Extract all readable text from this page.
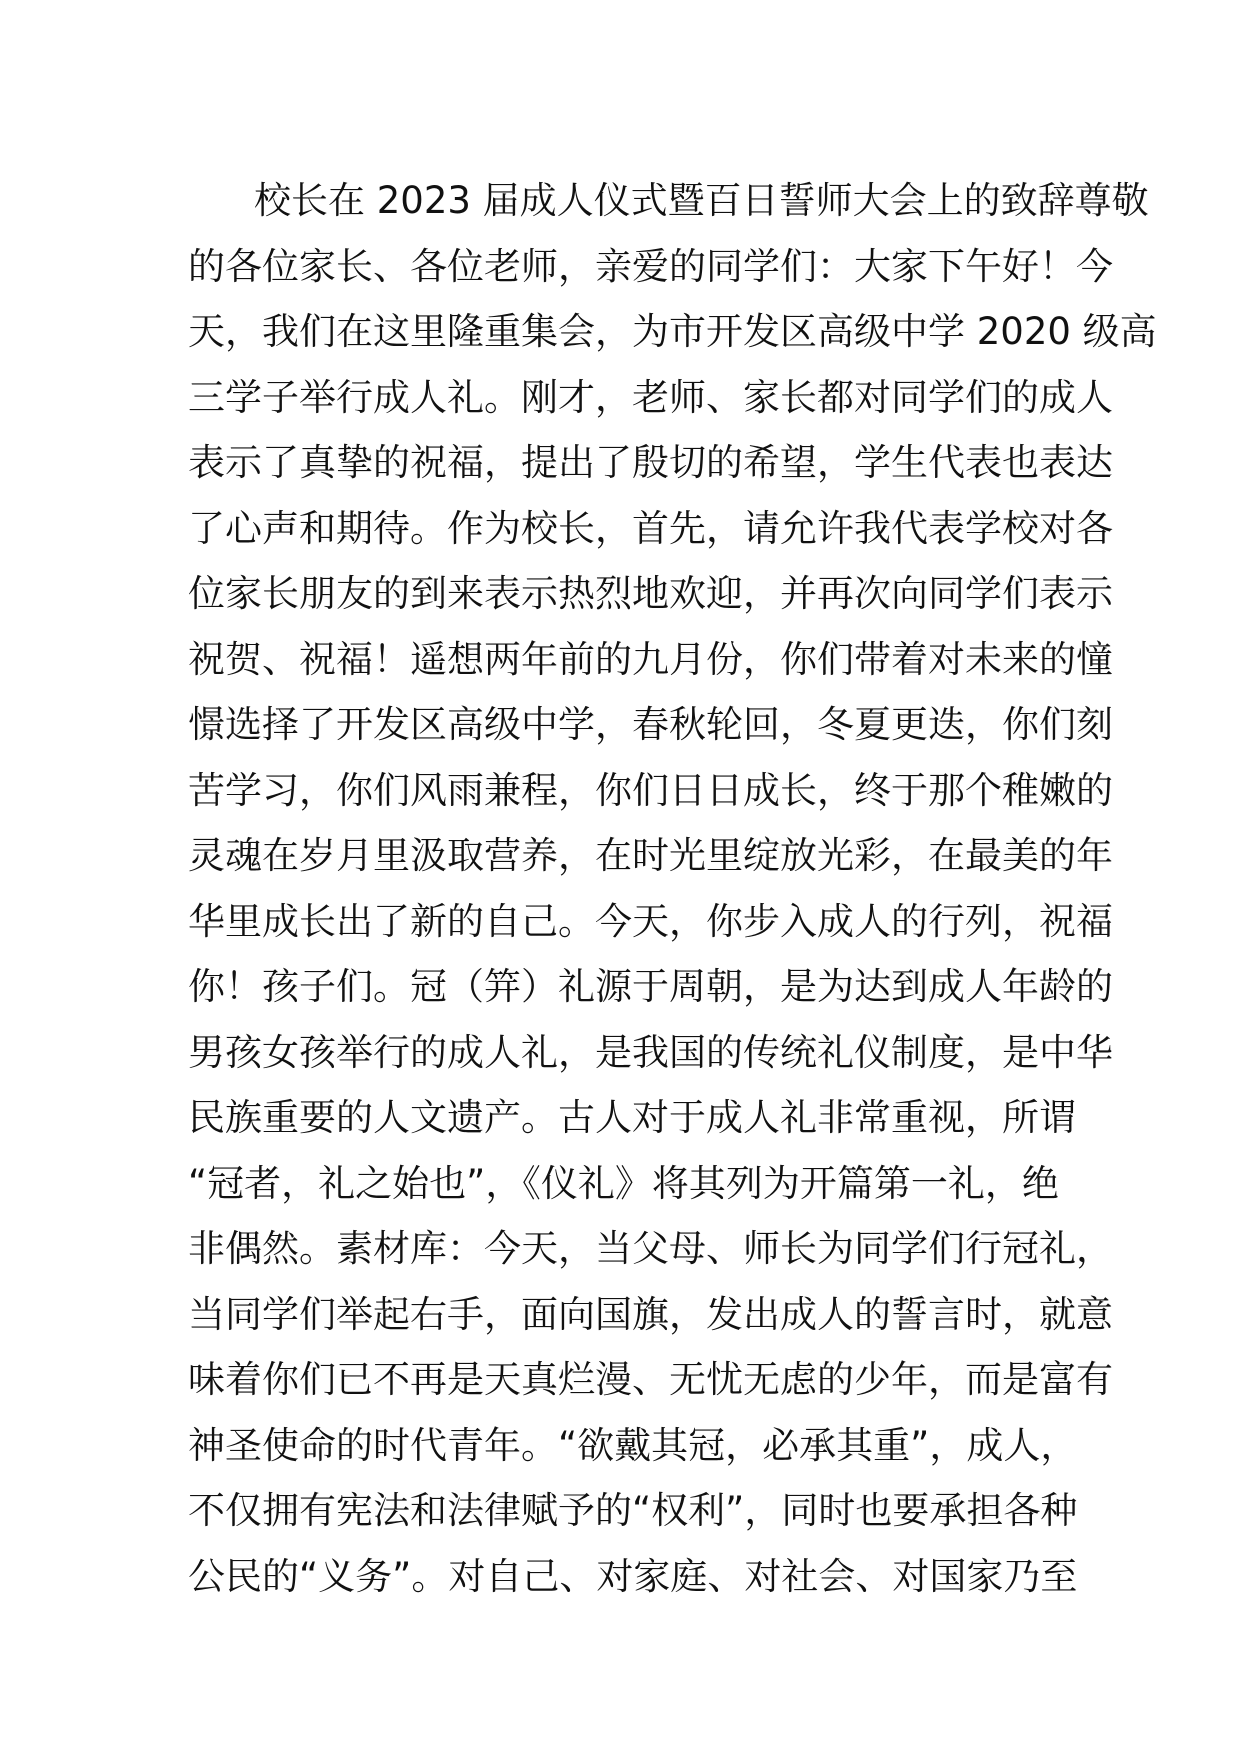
校长在 2023 届成人仪式暨百日誓师大会上的致辞尊敬
的各位家长、各位老师，亲爱的同学们：大家下午好！今
天，我们在这里隆重集会，为市开发区高级中学 2020 级高
三学子举行成人礼。刚才，老师、家长都对同学们的成人
表示了真挚的祝福，提出了殷切的希望，学生代表也表达
了心声和期待。作为校长，首先，请允许我代表学校对各
位家长朋友的到来表示热烈地欢迎，并再次向同学们表示
祝贺、祝福！遥想两年前的九月份，你们带着对未来的憧
憬选择了开发区高级中学，春秋轮回，冬夏更迭，你们刻
苦学习，你们风雨兼程，你们日日成长，终于那个稚嫩的
灵魂在岁月里汲取营养，在时光里绽放光彩，在最美的年
华里成长出了新的自己。今天，你步入成人的行列，祝福
你！孩子们。冠（笄）礼源于周朝，是为达到成人年龄的
男孩女孩举行的成人礼，是我国的传统礼仪制度，是中华
民族重要的人文遗产。古人对于成人礼非常重视，所谓
“冠者，礼之始也”，《仪礼》将其列为开篇第一礼，绝
非偶然。素材库：今天，当父母、师长为同学们行冠礼，
当同学们举起右手，面向国旗，发出成人的誓言时，就意
味着你们已不再是天真烂漫、无忧无虑的少年，而是富有
神圣使命的时代青年。“欲戴其冠，必承其重”，成人，
不仅拥有宪法和法律赋予的“权利”，同时也要承担各种
公民的“义务”。对自己、对家庭、对社会、对国家乃至
